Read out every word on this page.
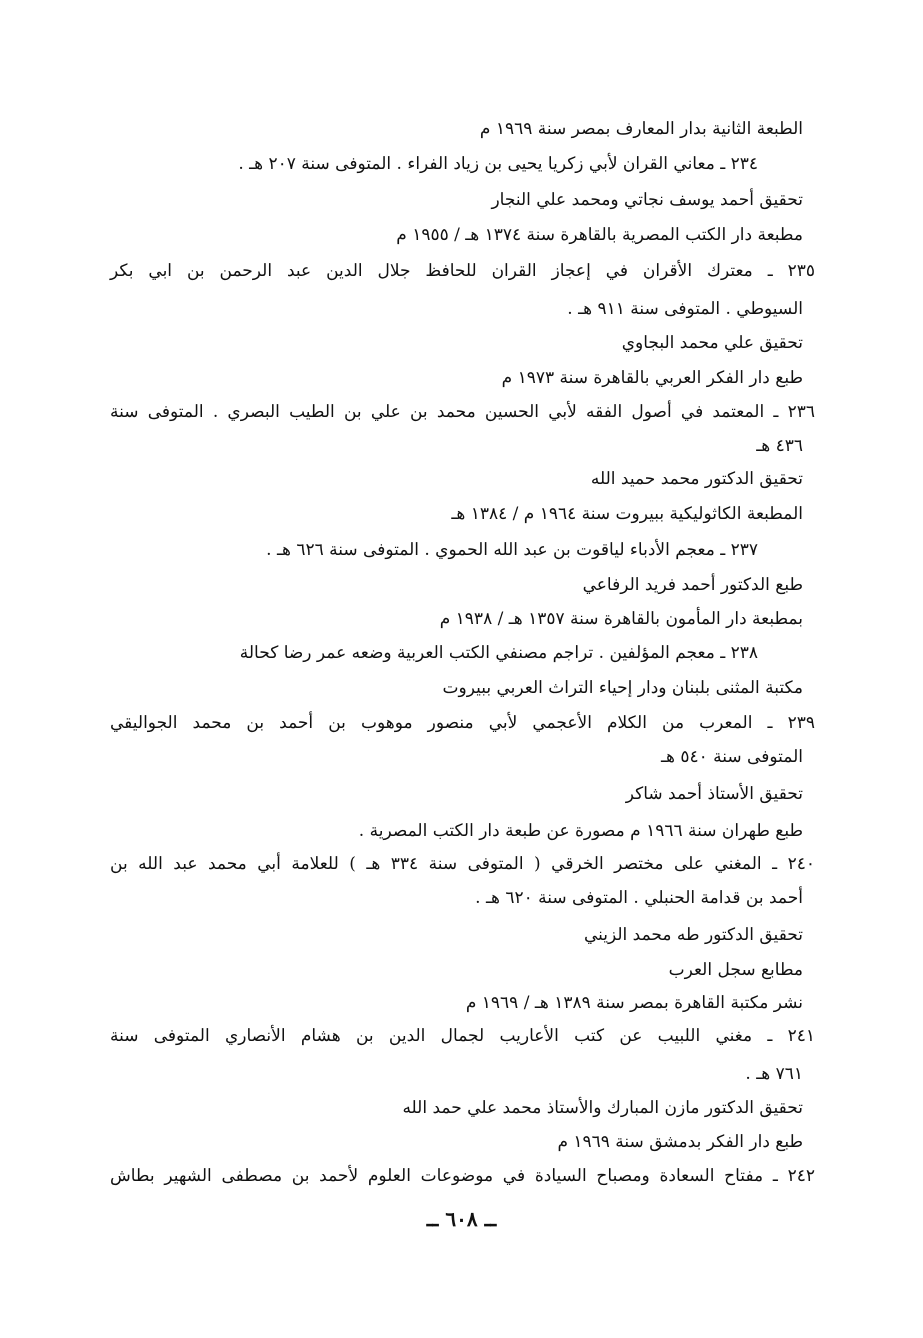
الطبعة الثانية بدار المعارف بمصر سنة ١٩٦٩ م
٢٣٤ ـ معاني القران لأبي زكريا يحيى بن زياد الفراء . المتوفى سنة ٢٠٧ هـ .
تحقيق أحمد يوسف نجاتي ومحمد علي النجار
مطبعة دار الكتب المصرية بالقاهرة سنة ١٣٧٤ هـ / ١٩٥٥ م
٢٣٥ ـ معترك الأقران في إعجاز القران للحافظ جلال الدين عبد الرحمن بن ابي بكر
السيوطي . المتوفى سنة ٩١١ هـ .
تحقيق علي محمد البجاوي
طبع دار الفكر العربي بالقاهرة سنة ١٩٧٣ م
٢٣٦ ـ المعتمد في أصول الفقه لأبي الحسين محمد بن علي بن الطيب البصري . المتوفى سنة
٤٣٦ هـ
تحقيق الدكتور محمد حميد الله
المطبعة الكاثوليكية ببيروت سنة ١٩٦٤ م / ١٣٨٤ هـ
٢٣٧ ـ معجم الأدباء لياقوت بن عبد الله الحموي . المتوفى سنة ٦٢٦ هـ .
طبع الدكتور أحمد فريد الرفاعي
بمطبعة دار المأمون بالقاهرة سنة ١٣٥٧ هـ / ١٩٣٨ م
٢٣٨ ـ معجم المؤلفين . تراجم مصنفي الكتب العربية وضعه عمر رضا كحالة
مكتبة المثنى بلبنان ودار إحياء التراث العربي ببيروت
٢٣٩ ـ المعرب من الكلام الأعجمي لأبي منصور موهوب بن أحمد بن محمد الجواليقي
المتوفى سنة ٥٤٠ هـ
تحقيق الأستاذ أحمد شاكر
طبع طهران سنة ١٩٦٦ م مصورة عن طبعة دار الكتب المصرية .
٢٤٠ ـ المغني على مختصر الخرقي ( المتوفى سنة ٣٣٤ هـ ) للعلامة أبي محمد عبد الله بن
أحمد بن قدامة الحنبلي . المتوفى سنة ٦٢٠ هـ .
تحقيق الدكتور طه محمد الزيني
مطابع سجل العرب
نشر مكتبة القاهرة بمصر سنة ١٣٨٩ هـ / ١٩٦٩ م
٢٤١ ـ مغني اللبيب عن كتب الأعاريب لجمال الدين بن هشام الأنصاري المتوفى سنة
٧٦١ هـ .
تحقيق الدكتور مازن المبارك والأستاذ محمد علي حمد الله
طبع دار الفكر بدمشق سنة ١٩٦٩ م
٢٤٢ ـ مفتاح السعادة ومصباح السيادة في موضوعات العلوم لأحمد بن مصطفى الشهير بطاش
ــ ٦٠٨ ــ
